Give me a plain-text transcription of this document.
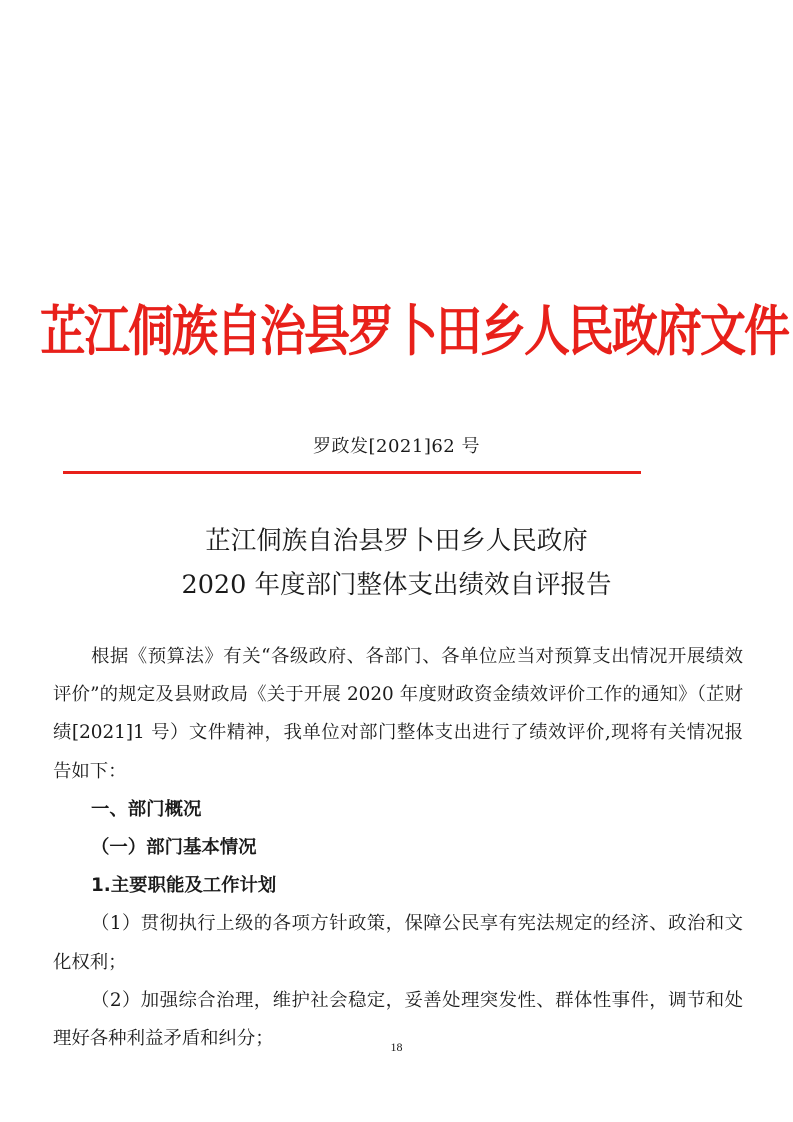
芷江侗族自治县罗卜田乡人民政府文件
罗政发[2021]62 号
芷江侗族自治县罗卜田乡人民政府
2020 年度部门整体支出绩效自评报告

根据《预算法》有关“各级政府、各部门、各单位应当对预算支出情况开展绩效评价”的规定及县财政局《关于开展 2020 年度财政资金绩效评价工作的通知》（芷财绩[2021]1 号）文件精神，我单位对部门整体支出进行了绩效评价,现将有关情况报告如下：

一、部门概况

（一）部门基本情况

1.主要职能及工作计划

（1）贯彻执行上级的各项方针政策，保障公民享有宪法规定的经济、政治和文化权利；

（2）加强综合治理，维护社会稳定，妥善处理突发性、群体性事件，调节和处理好各种利益矛盾和纠分；	18
